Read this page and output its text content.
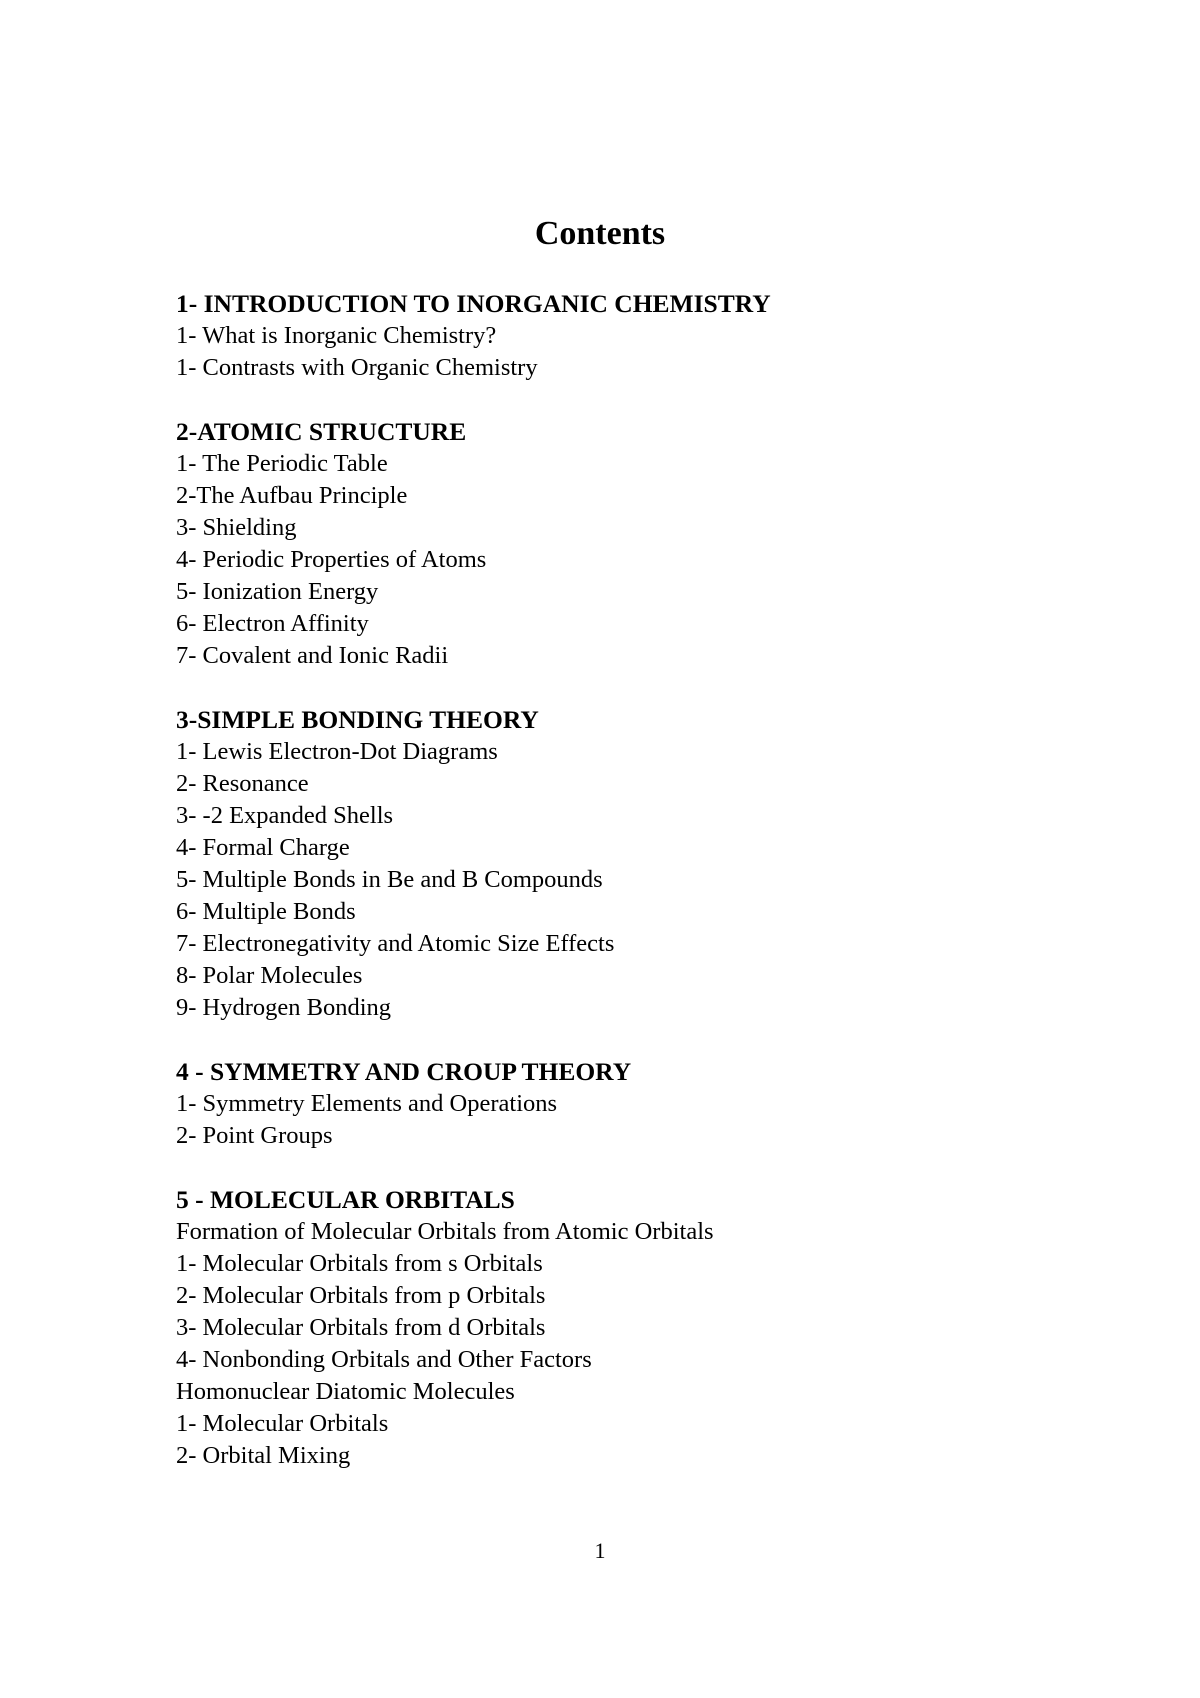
Contents
1- INTRODUCTION TO INORGANIC CHEMISTRY
1- What is Inorganic Chemistry?
1- Contrasts with Organic Chemistry
2-ATOMIC STRUCTURE
1- The Periodic Table
2-The Aufbau Principle
3- Shielding
4- Periodic Properties of Atoms
5- Ionization Energy
6- Electron Affinity
7- Covalent and Ionic Radii
3-SIMPLE BONDING THEORY
1- Lewis Electron-Dot Diagrams
2- Resonance
3- -2 Expanded Shells
4- Formal Charge
5- Multiple Bonds in Be and B Compounds
6- Multiple Bonds
7- Electronegativity and Atomic Size Effects
8- Polar Molecules
9- Hydrogen Bonding
4 - SYMMETRY AND CROUP THEORY
1- Symmetry Elements and Operations
2- Point Groups
5 - MOLECULAR ORBITALS
Formation of Molecular Orbitals from Atomic Orbitals
1- Molecular Orbitals from s Orbitals
2- Molecular Orbitals from p Orbitals
3- Molecular Orbitals from d Orbitals
4- Nonbonding Orbitals and Other Factors
Homonuclear Diatomic Molecules
1- Molecular Orbitals
2- Orbital Mixing
1
